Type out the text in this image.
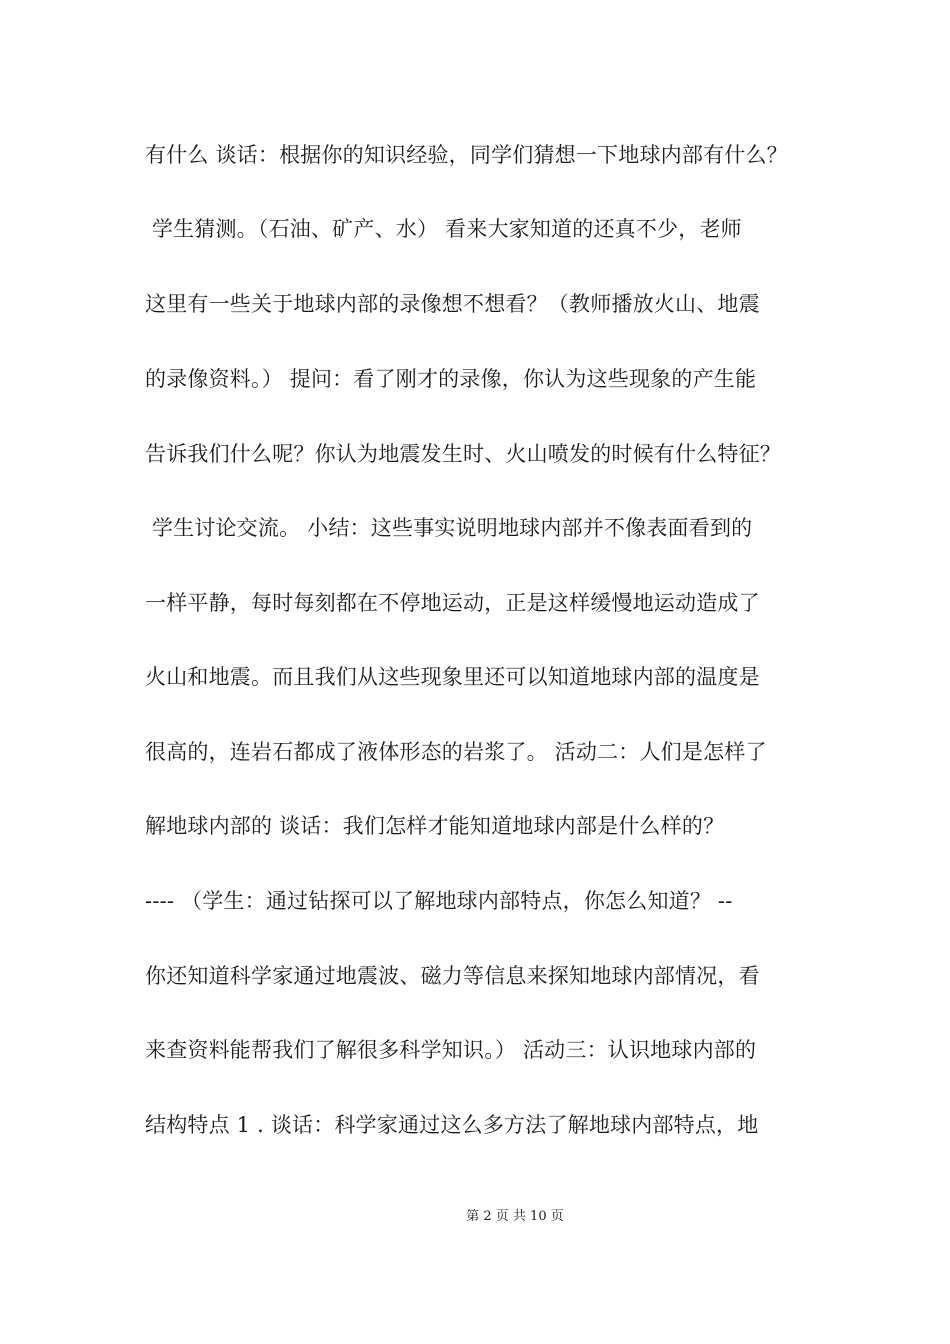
有什么 谈话：根据你的知识经验，同学们猜想一下地球内部有什么？
学生猜测。（石油、矿产、水） 看来大家知道的还真不少，老师
这里有一些关于地球内部的录像想不想看？（教师播放火山、地震
的录像资料。） 提问：看了刚才的录像，你认为这些现象的产生能
告诉我们什么呢？你认为地震发生时、火山喷发的时候有什么特征？
学生讨论交流。 小结：这些事实说明地球内部并不像表面看到的
一样平静，每时每刻都在不停地运动，正是这样缓慢地运动造成了
火山和地震。而且我们从这些现象里还可以知道地球内部的温度是
很高的，连岩石都成了液体形态的岩浆了。 活动二：人们是怎样了
解地球内部的 谈话：我们怎样才能知道地球内部是什么样的？
---- （学生：通过钻探可以了解地球内部特点，你怎么知道？ --
你还知道科学家通过地震波、磁力等信息来探知地球内部情况，看
来查资料能帮我们了解很多科学知识。） 活动三：认识地球内部的
结构特点 1 . 谈话：科学家通过这么多方法了解地球内部特点，地
第 2 页 共 10 页
